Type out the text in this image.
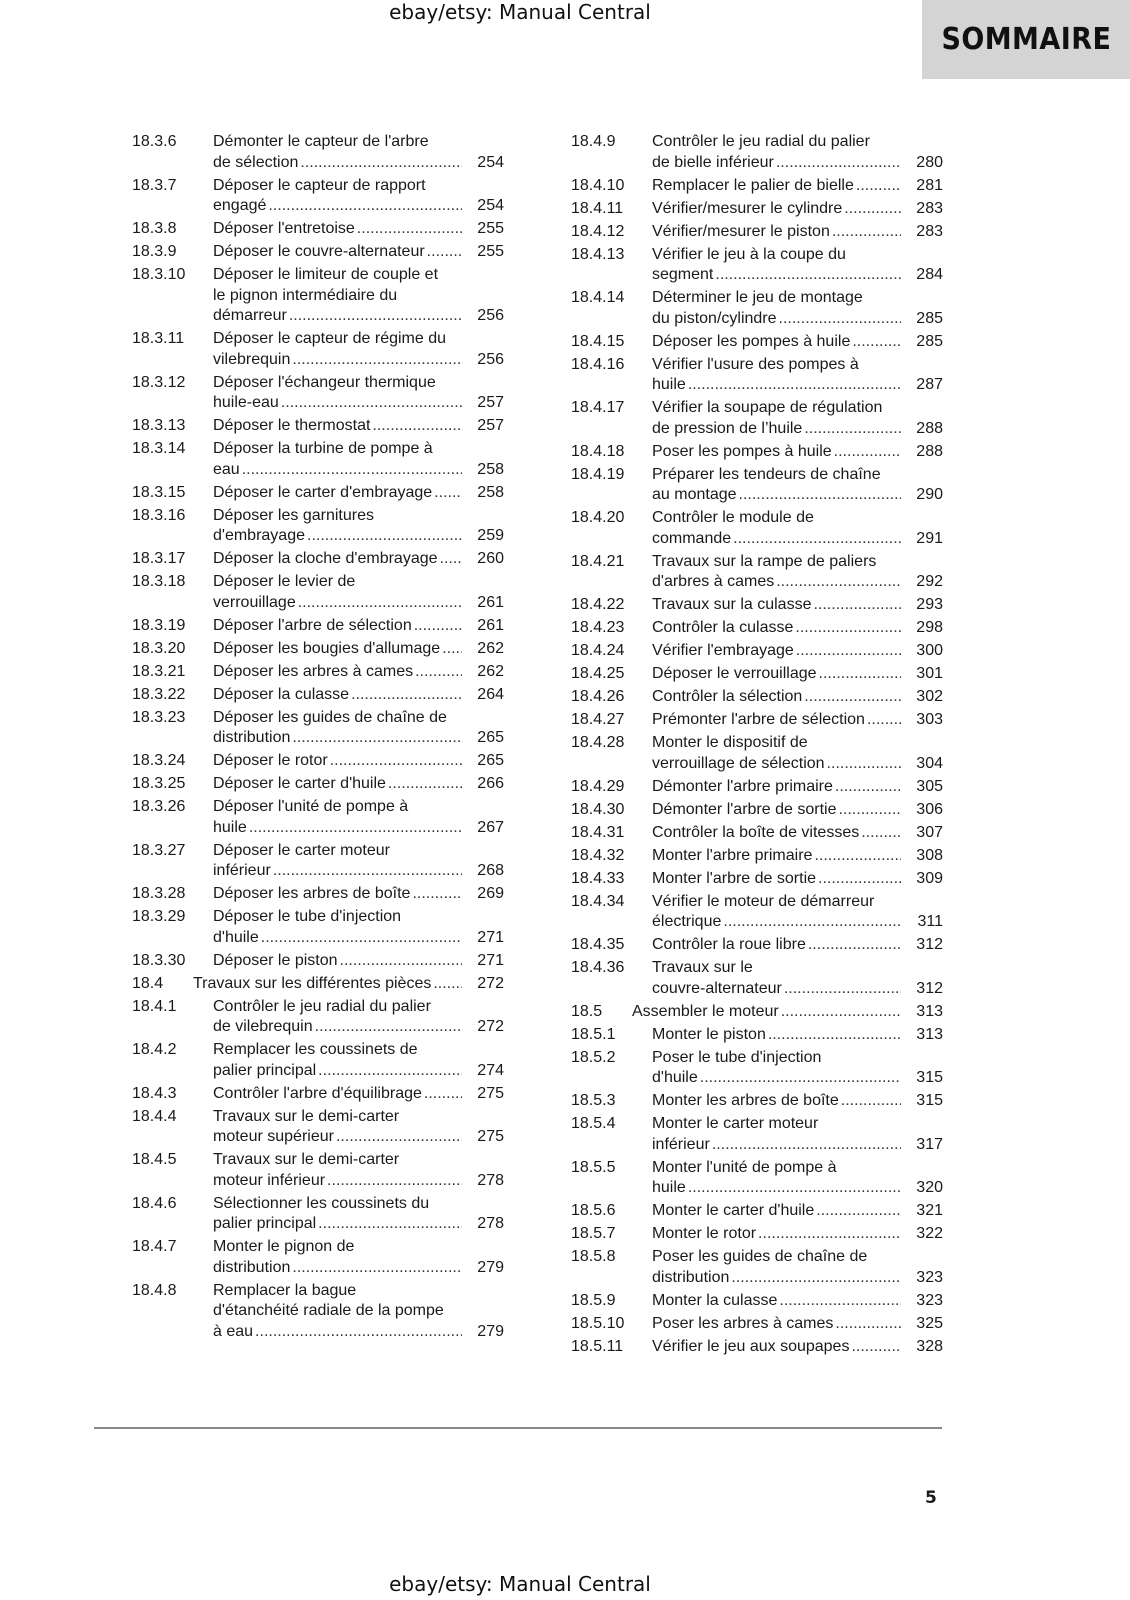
ebay/etsy: Manual Central
SOMMAIRE
18.3.6 Démonter le capteur de l'arbre
de sélection .....	254
18.3.7 Déposer le capteur de rapport
engagé .....	254
18.3.8 Déposer l'entretoise .....	255
18.3.9 Déposer le couvre-alternateur .....	255
18.3.10 Déposer le limiteur de couple et
le pignon intermédiaire du
démarreur .....	256
18.3.11 Déposer le capteur de régime du
vilebrequin .....	256
18.3.12 Déposer l'échangeur thermique
huile-eau .....	257
18.3.13 Déposer le thermostat .....	257
18.3.14 Déposer la turbine de pompe à
eau .....	258
18.3.15 Déposer le carter d'embrayage .....	258
18.3.16 Déposer les garnitures
d'embrayage .....	259
18.3.17 Déposer la cloche d'embrayage .....	260
18.3.18 Déposer le levier de
verrouillage .....	261
18.3.19 Déposer l'arbre de sélection .....	261
18.3.20 Déposer les bougies d'allumage .....	262
18.3.21 Déposer les arbres à cames .....	262
18.3.22 Déposer la culasse .....	264
18.3.23 Déposer les guides de chaîne de
distribution .....	265
18.3.24 Déposer le rotor .....	265
18.3.25 Déposer le carter d'huile .....	266
18.3.26 Déposer l'unité de pompe à
huile .....	267
18.3.27 Déposer le carter moteur
inférieur .....	268
18.3.28 Déposer les arbres de boîte .....	269
18.3.29 Déposer le tube d'injection
d'huile .....	271
18.3.30 Déposer le piston .....	271
18.4 Travaux sur les différentes pièces .....	272
18.4.1 Contrôler le jeu radial du palier
de vilebrequin .....	272
18.4.2 Remplacer les coussinets de
palier principal .....	274
18.4.3 Contrôler l'arbre d'équilibrage .....	275
18.4.4 Travaux sur le demi-carter
moteur supérieur .....	275
18.4.5 Travaux sur le demi-carter
moteur inférieur .....	278
18.4.6 Sélectionner les coussinets du
palier principal .....	278
18.4.7 Monter le pignon de
distribution .....	279
18.4.8 Remplacer la bague
d'étanchéité radiale de la pompe
à eau .....	279
18.4.9 Contrôler le jeu radial du palier
de bielle inférieur .....	280
18.4.10 Remplacer le palier de bielle .....	281
18.4.11 Vérifier/mesurer le cylindre .....	283
18.4.12 Vérifier/mesurer le piston .....	283
18.4.13 Vérifier le jeu à la coupe du
segment .....	284
18.4.14 Déterminer le jeu de montage
du piston/cylindre .....	285
18.4.15 Déposer les pompes à huile .....	285
18.4.16 Vérifier l'usure des pompes à
huile .....	287
18.4.17 Vérifier la soupape de régulation
de pression de l’huile .....	288
18.4.18 Poser les pompes à huile .....	288
18.4.19 Préparer les tendeurs de chaîne
au montage .....	290
18.4.20 Contrôler le module de
commande .....	291
18.4.21 Travaux sur la rampe de paliers
d'arbres à cames .....	292
18.4.22 Travaux sur la culasse .....	293
18.4.23 Contrôler la culasse .....	298
18.4.24 Vérifier l'embrayage .....	300
18.4.25 Déposer le verrouillage .....	301
18.4.26 Contrôler la sélection .....	302
18.4.27 Prémonter l'arbre de sélection .....	303
18.4.28 Monter le dispositif de
verrouillage de sélection .....	304
18.4.29 Démonter l'arbre primaire .....	305
18.4.30 Démonter l'arbre de sortie .....	306
18.4.31 Contrôler la boîte de vitesses .....	307
18.4.32 Monter l'arbre primaire .....	308
18.4.33 Monter l'arbre de sortie .....	309
18.4.34 Vérifier le moteur de démarreur
électrique .....	311
18.4.35 Contrôler la roue libre .....	312
18.4.36 Travaux sur le
couvre-alternateur .....	312
18.5 Assembler le moteur .....	313
18.5.1 Monter le piston .....	313
18.5.2 Poser le tube d'injection
d'huile .....	315
18.5.3 Monter les arbres de boîte .....	315
18.5.4 Monter le carter moteur
inférieur .....	317
18.5.5 Monter l'unité de pompe à
huile .....	320
18.5.6 Monter le carter d'huile .....	321
18.5.7 Monter le rotor .....	322
18.5.8 Poser les guides de chaîne de
distribution .....	323
18.5.9 Monter la culasse .....	323
18.5.10 Poser les arbres à cames .....	325
18.5.11 Vérifier le jeu aux soupapes .....	328
5
ebay/etsy: Manual Central
